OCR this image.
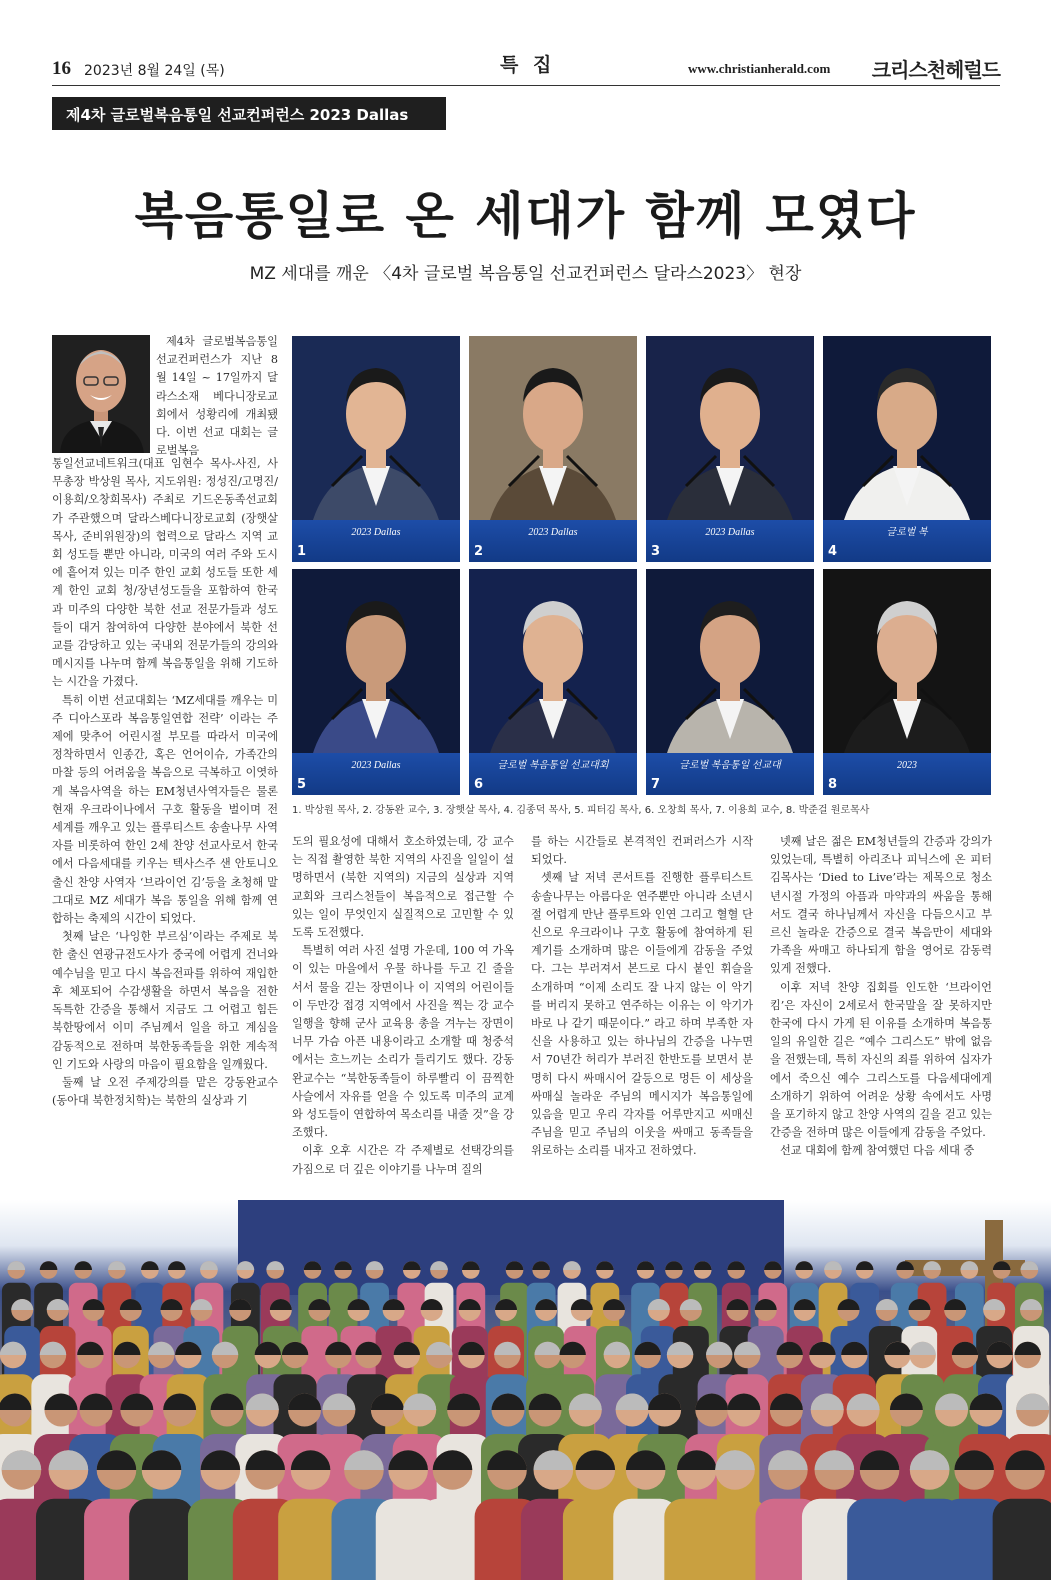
16 2023년 8월 24일 (목)	특 집	www.christianherald.com 크리스천헤럴드
제4차 글로벌복음통일 선교컨퍼런스 2023 Dallas
복음통일로 온 세대가 함께 모였다
MZ 세대를 깨운 〈4차 글로벌 복음통일 선교컨퍼런스 달라스2023〉 현장

제4차 글로벌복음통일 선교컨퍼런스가 지난 8월 14일 ~ 17일까지 달라스소재 베다니장로교회에서 성황리에 개최됐다. 이번 선교 대회는 글로벌복음

통일선교네트워크(대표 임현수 목사-사진, 사무총장 박상원 목사, 지도위원: 정성진/고명진/이용희/오창희목사) 주최로 기드온동족선교회가 주관했으며 달라스베다니장로교회 (장햇살 목사, 준비위원장)의 협력으로 달라스 지역 교회 성도들 뿐만 아니라, 미국의 여러 주와 도시에 흩어져 있는 미주 한인 교회 성도들 또한 세계 한인 교회 청/장년성도들을 포함하여 한국과 미주의 다양한 북한 선교 전문가들과 성도들이 대거 참여하여 다양한 분야에서 북한 선교를 감당하고 있는 국내외 전문가들의 강의와 메시지를 나누며 함께 복음통일을 위해 기도하는 시간을 가졌다.

특히 이번 선교대회는 ‘MZ세대를 깨우는 미주 디아스포라 복음통일연합 전략’ 이라는 주제에 맞추어 어린시절 부모를 따라서 미국에 정착하면서 인종간, 혹은 언어이슈, 가족간의 마찰 등의 어려움을 복음으로 극복하고 이엿하게 복음사역을 하는 EM청년사역자들은 물론 현재 우크라이나에서 구호 활동을 벌이며 전 세계를 깨우고 있는 플루티스트 송솔나무 사역자를 비롯하여 한인 2세 찬양 선교사로서 한국에서 다음세대를 키우는 텍사스주 샌 안토니오출신 찬양 사역자 ‘브라이언 김’등을 초청해 말 그대로 MZ 세대가 복음 통일을 위해 함께 연합하는 축제의 시간이 되었다.

첫째 날은 ‘나잉한 부르심’이라는 주제로 북한 출신 연광규전도사가 중국에 어렵게 건너와 예수님을 믿고 다시 복음전파를 위하여 재입한 후 체포되어 수감생활을 하면서 복음을 전한 독특한 간증을 통해서 지금도 그 어렵고 힘든 북한땅에서 이미 주님께서 일을 하고 계심을 감동적으로 전하며 북한동족들을 위한 계속적인 기도와 사랑의 마음이 필요함을 일깨웠다.

둘째 날 오전 주제강의를 맡은 강동완교수(동아대 북한정치학)는 북한의 실상과 기

2023 Dallas
1
2023 Dallas
2
2023 Dallas
3
글로벌 복
4
2023 Dallas
5
글로벌 복음통일 선교대회
6
글로벌 복음통일 선교대
7
2023
8
1. 박상원 목사, 2. 강동완 교수, 3. 장햇살 목사, 4. 김종덕 목사, 5. 피터김 목사, 6. 오창희 목사, 7. 이용희 교수, 8. 박준걸 원로목사

도의 필요성에 대해서 호소하였는데, 강 교수는 직접 촬영한 북한 지역의 사진을 일일이 설명하면서 (북한 지역의) 지금의 실상과 지역 교회와 크리스천들이 복음적으로 접근할 수 있는 일이 무엇인지 실질적으로 고민할 수 있도록 도전했다.

특별히 여러 사진 설명 가운데, 100 여 가옥이 있는 마을에서 우물 하나를 두고 긴 줄을 서서 물을 긷는 장면이나 이 지역의 어린이들이 두만강 접경 지역에서 사진을 찍는 강 교수 일행을 향해 군사 교육용 총을 겨누는 장면이 너무 가슴 아픈 내용이라고 소개할 때 청중석에서는 흐느끼는 소리가 들리기도 했다. 강동완교수는 “북한동족들이 하루빨리 이 끔찍한 사슬에서 자유를 얻을 수 있도록 미주의 교계와 성도들이 연합하여 목소리를 내줄 것”을 강조했다.

이후 오후 시간은 각 주제별로 선택강의를 가짐으로 더 깊은 이야기를 나누며 질의

를 하는 시간들로 본격적인 컨퍼러스가 시작되었다.

셋째 날 저녁 콘서트를 진행한 플루티스트 송솔나무는 아름다운 연주뿐만 아니라 소년시절 어렵게 만난 플루트와 인연 그리고 혈혈 단신으로 우크라이나 구호 활동에 참여하게 된 계기를 소개하며 많은 이들에게 감동을 주었다. 그는 부러져서 본드로 다시 붙인 휘슬을 소개하며 “이제 소리도 잘 나지 않는 이 악기를 버리지 못하고 연주하는 이유는 이 악기가 바로 나 같기 때문이다.” 라고 하며 부족한 자신을 사용하고 있는 하나님의 간증을 나누면서 70년간 허리가 부러진 한반도를 보면서 분명히 다시 싸매시어 갈등으로 멍든 이 세상을 싸매실 놀라운 주님의 메시지가 복음통일에 있음을 믿고 우리 각자를 어루만지고 씨매신 주님을 믿고 주님의 이웃을 싸매고 동족들을 위로하는 소리를 내자고 전하였다.

넷째 날은 젊은 EM청년들의 간증과 강의가 있었는데, 특별히 아리조나 피닉스에 온 피터 김목사는 ‘Died to Live’라는 제목으로 청소년시절 가정의 아픔과 마약과의 싸움을 통해서도 결국 하나님께서 자신을 다듬으시고 부르신 놀라운 간증으로 결국 복음만이 세대와 가족을 싸매고 하나되게 함을 영어로 감동력있게 전했다.

이후 저녁 찬양 집회를 인도한 ‘브라이언 킴’은 자신이 2세로서 한국말을 잘 못하지만 한국에 다시 가게 된 이유를 소개하며 복음통일의 유일한 길은 “예수 그리스도” 밖에 없음을 전했는데, 특히 자신의 죄를 위하여 십자가에서 죽으신 예수 그리스도를 다음세대에게 소개하기 위하여 어려운 상황 속에서도 사명을 포기하지 않고 찬양 사역의 길을 걷고 있는 간증을 전하며 많은 이들에게 감동을 주었다.

선교 대회에 함께 참여했던 다음 세대 중
